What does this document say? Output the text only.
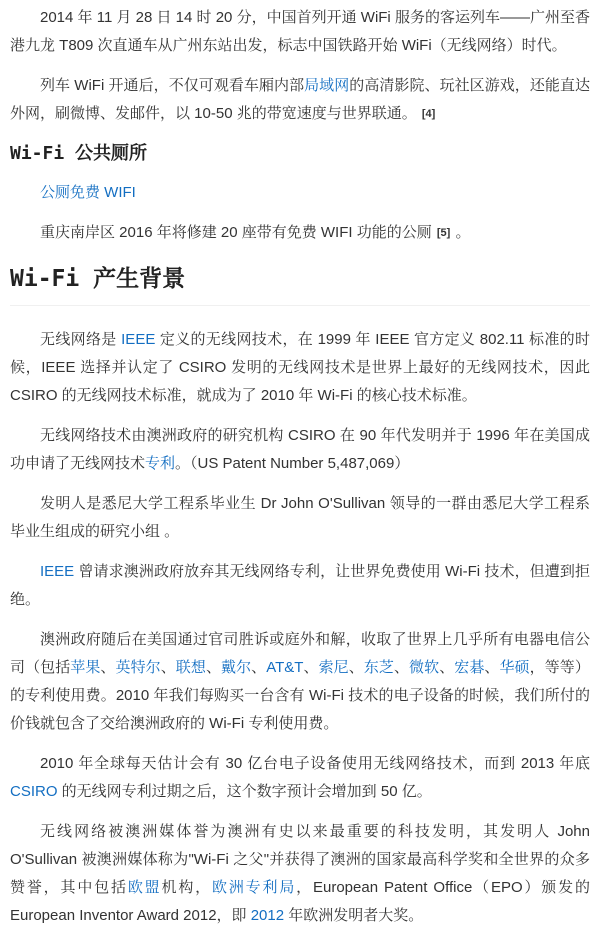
2014 年 11 月 28 日 14 时 20 分，中国首列开通 WiFi 服务的客运列车——广州至香港九龙 T809 次直通车从广州东站出发，标志中国铁路开始 WiFi（无线网络）时代。

列车 WiFi 开通后，不仅可观看车厢内部局域网的高清影院、玩社区游戏，还能直达外网，刷微博、发邮件，以 10-50 兆的带宽速度与世界联通。 [4]

Wi-Fi 公共厕所
公厕免费 WIFI

重庆南岸区 2016 年将修建 20 座带有免费 WIFI 功能的公厕 [5] 。

Wi-Fi 产生背景

无线网络是 IEEE 定义的无线网技术，在 1999 年 IEEE 官方定义 802.11 标准的时候，IEEE 选择并认定了 CSIRO 发明的无线网技术是世界上最好的无线网技术，因此 CSIRO 的无线网技术标准，就成为了 2010 年 Wi-Fi 的核心技术标准。

无线网络技术由澳洲政府的研究机构 CSIRO 在 90 年代发明并于 1996 年在美国成功申请了无线网技术专利。（US Patent Number 5,487,069）

发明人是悉尼大学工程系毕业生 Dr John O'Sullivan 领导的一群由悉尼大学工程系毕业生组成的研究小组 。

IEEE 曾请求澳洲政府放弃其无线网络专利，让世界免费使用 Wi-Fi 技术，但遭到拒绝。

澳洲政府随后在美国通过官司胜诉或庭外和解，收取了世界上几乎所有电器电信公司（包括苹果、英特尔、联想、戴尔、AT&T、索尼、东芝、微软、宏碁、华硕，等等）的专利使用费。2010 年我们每购买一台含有 Wi-Fi 技术的电子设备的时候，我们所付的价钱就包含了交给澳洲政府的 Wi-Fi 专利使用费。

2010 年全球每天估计会有 30 亿台电子设备使用无线网络技术，而到 2013 年底 CSIRO 的无线网专利过期之后，这个数字预计会增加到 50 亿。

无线网络被澳洲媒体誉为澳洲有史以来最重要的科技发明，其发明人 John O'Sullivan 被澳洲媒体称为"Wi-Fi 之父"并获得了澳洲的国家最高科学奖和全世界的众多赞誉，其中包括欧盟机构，欧洲专利局，European Patent Office（EPO）颁发的 European Inventor Award 2012，即 2012 年欧洲发明者大奖。
